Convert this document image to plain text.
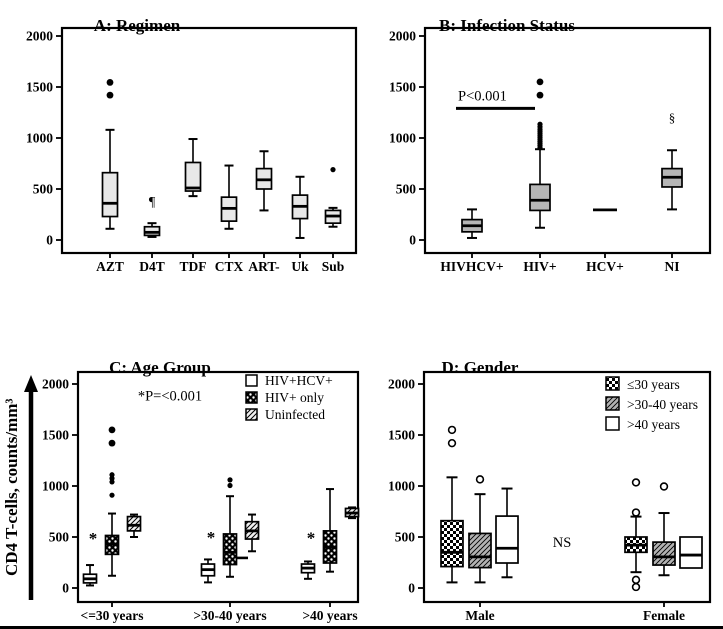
0
500
1000
1500
2000
AZT D4T TDF CTX ART- Uk Sub
¶
0
500
1000
1500
2000
HIVHCV+ HIV+ HCV+	NI
P<0.001
§
0
500
1000
1500
2000
<=30 years	>30-40 years	>40 years
*P=<0.001
*	*	*
HIV+HCV+
HIV+ only
Uninfected
0
500
1000
1500
2000
Male	Female
NS
≤30 years
>30-40 years
>40 years
A: Regimen	B: Infection Status
C: Age Group	D: Gender
CD4 T-cells, counts/mm³
